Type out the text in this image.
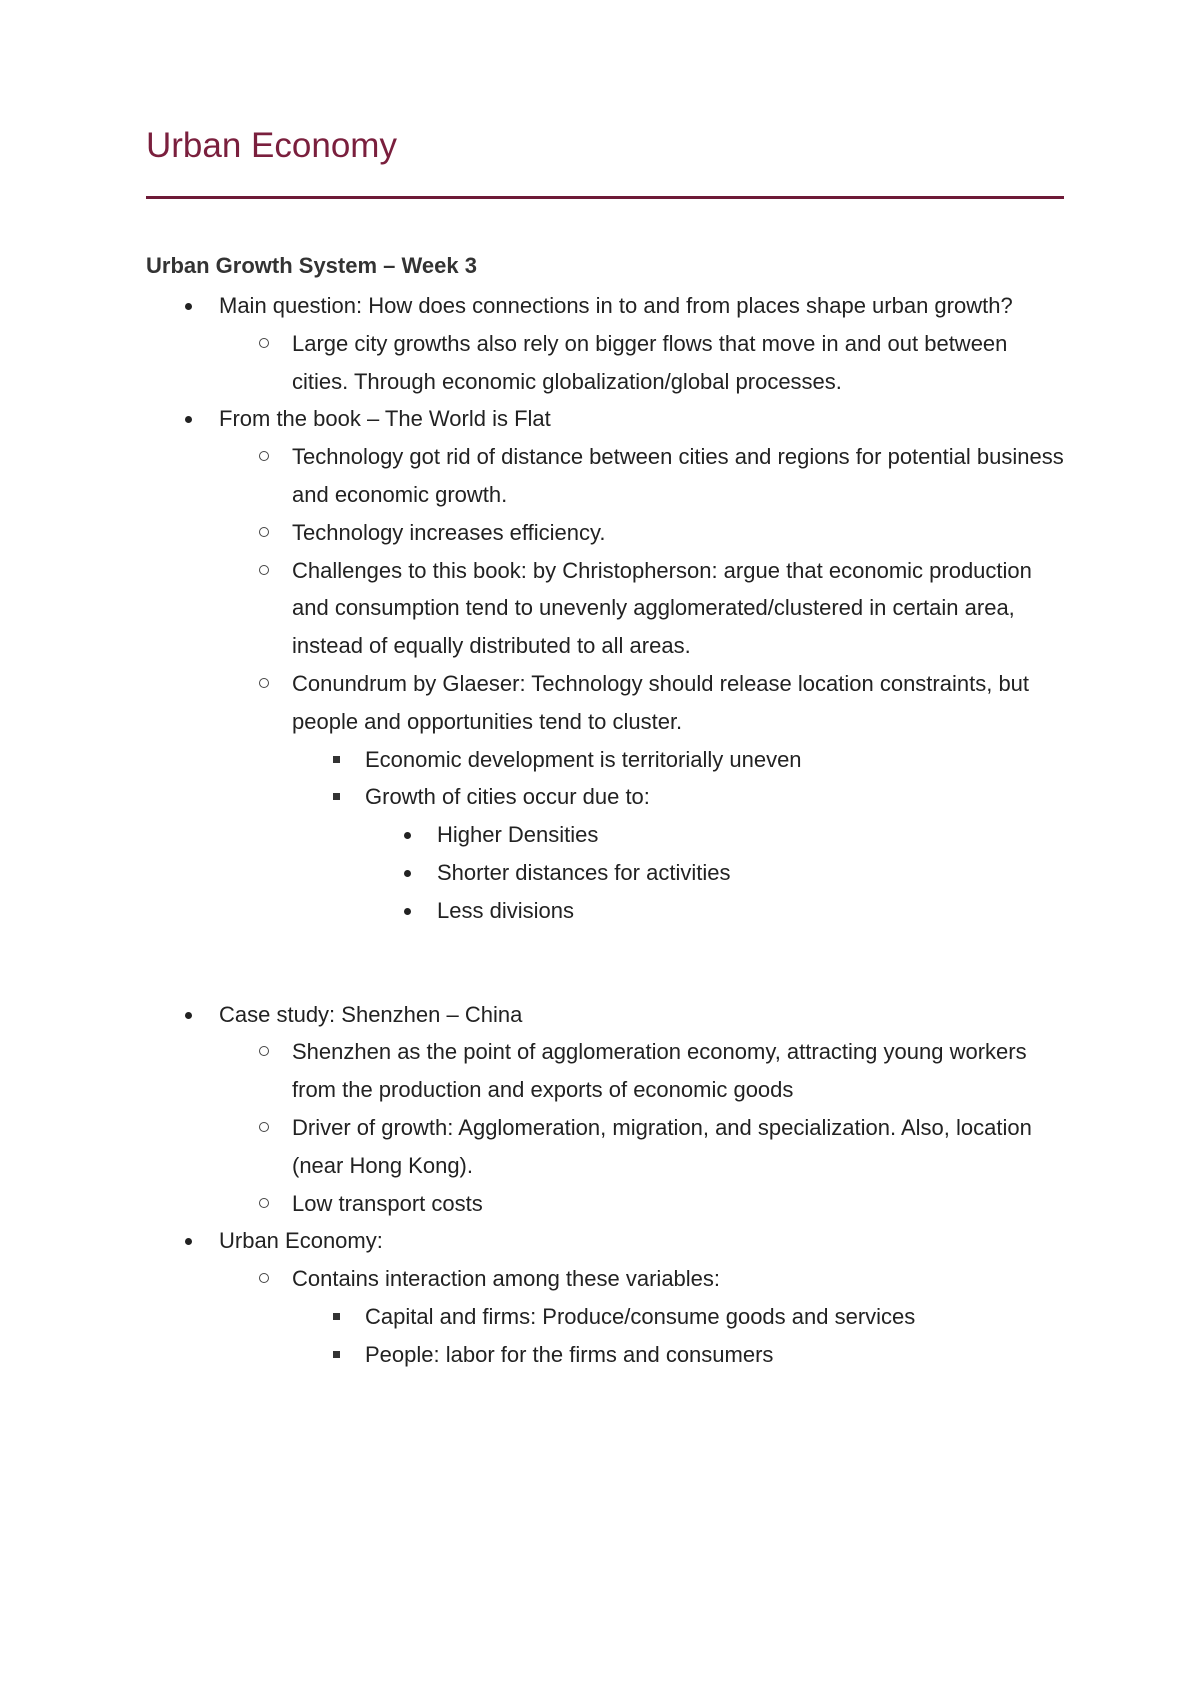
Urban Economy
Urban Growth System – Week 3
Main question: How does connections in to and from places shape urban growth?
Large city growths also rely on bigger flows that move in and out between cities. Through economic globalization/global processes.
From the book – The World is Flat
Technology got rid of distance between cities and regions for potential business and economic growth.
Technology increases efficiency.
Challenges to this book: by Christopherson: argue that economic production and consumption tend to unevenly agglomerated/clustered in certain area, instead of equally distributed to all areas.
Conundrum by Glaeser: Technology should release location constraints, but people and opportunities tend to cluster.
Economic development is territorially uneven
Growth of cities occur due to:
Higher Densities
Shorter distances for activities
Less divisions
Case study: Shenzhen – China
Shenzhen as the point of agglomeration economy, attracting young workers from the production and exports of economic goods
Driver of growth: Agglomeration, migration, and specialization. Also, location (near Hong Kong).
Low transport costs
Urban Economy:
Contains interaction among these variables:
Capital and firms: Produce/consume goods and services
People: labor for the firms and consumers
